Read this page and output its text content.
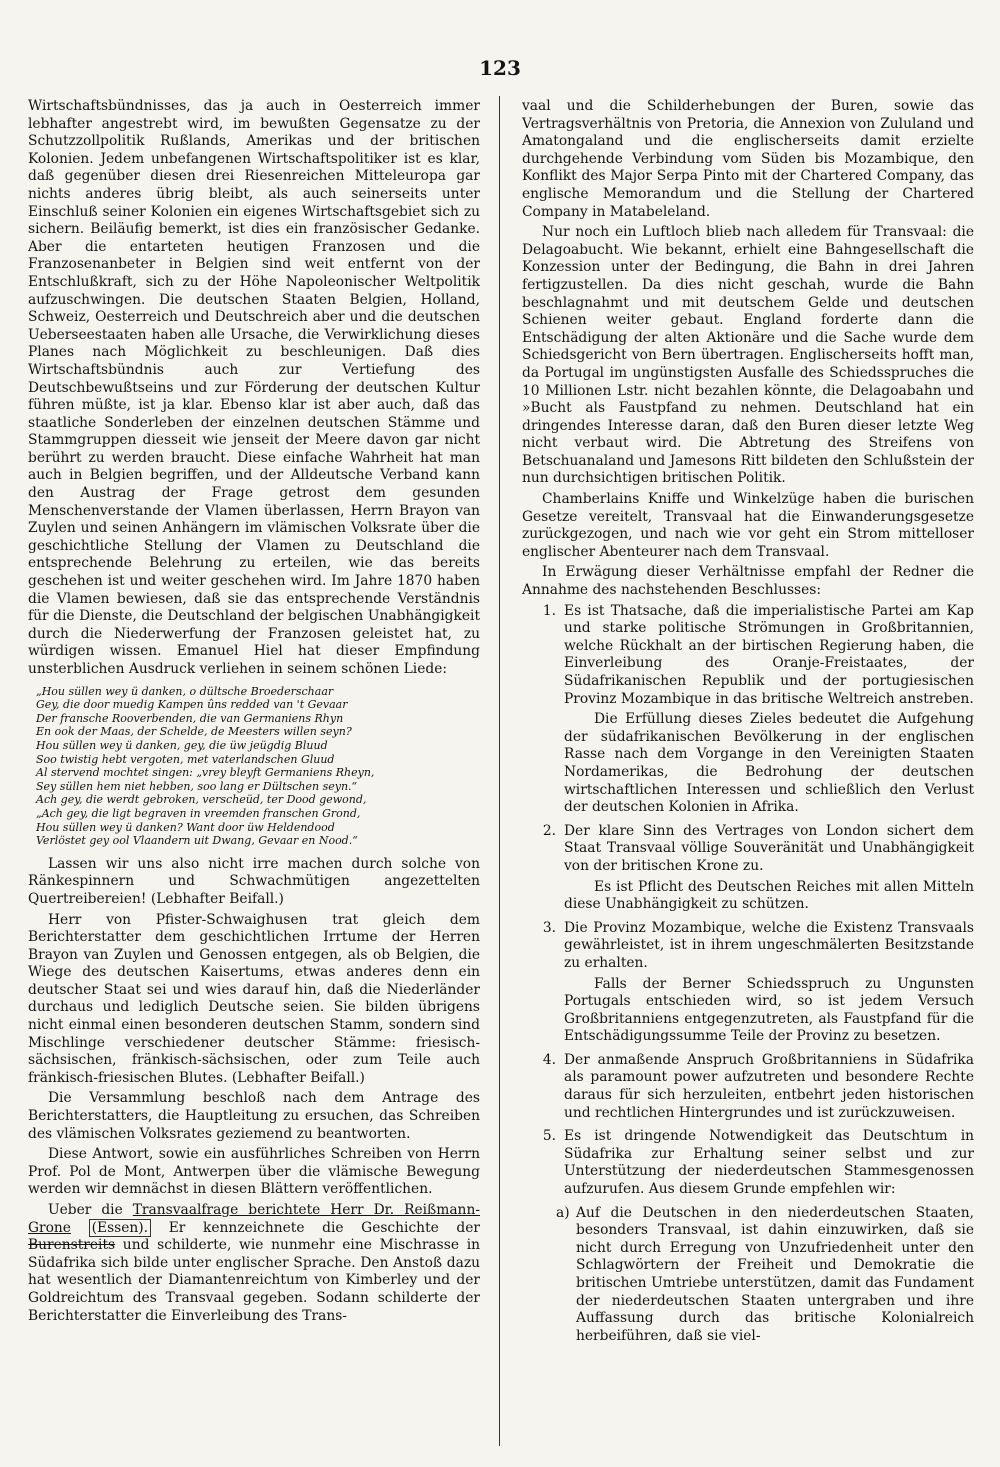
123

Wirtschaftsbündnisses, das ja auch in Oesterreich immer lebhafter angestrebt wird, im bewußten Gegensatze zu der Schutzzollpolitik Rußlands, Amerikas und der britischen Kolonien. Jedem unbefangenen Wirtschaftspolitiker ist es klar, daß gegenüber diesen drei Riesenreichen Mitteleuropa gar nichts anderes übrig bleibt, als auch seinerseits unter Einschluß seiner Kolonien ein eigenes Wirtschaftsgebiet sich zu sichern. Beiläufig bemerkt, ist dies ein französischer Gedanke. Aber die entarteten heutigen Franzosen und die Franzosenanbeter in Belgien sind weit entfernt von der Entschlußkraft, sich zu der Höhe Napoleonischer Weltpolitik aufzuschwingen. Die deutschen Staaten Belgien, Holland, Schweiz, Oesterreich und Deutschreich aber und die deutschen Ueberseestaaten haben alle Ursache, die Verwirklichung dieses Planes nach Möglichkeit zu beschleunigen. Daß dies Wirtschaftsbündnis auch zur Vertiefung des Deutschbewußtseins und zur Förderung der deutschen Kultur führen müßte, ist ja klar. Ebenso klar ist aber auch, daß das staatliche Sonderleben der einzelnen deutschen Stämme und Stammgruppen diesseit wie jenseit der Meere davon gar nicht berührt zu werden braucht. Diese einfache Wahrheit hat man auch in Belgien begriffen, und der Alldeutsche Verband kann den Austrag der Frage getrost dem gesunden Menschenverstande der Vlamen überlassen, Herrn Brayon van Zuylen und seinen Anhängern im vlämischen Volksrate über die geschichtliche Stellung der Vlamen zu Deutschland die entsprechende Belehrung zu erteilen, wie das bereits geschehen ist und weiter geschehen wird. Im Jahre 1870 haben die Vlamen bewiesen, daß sie das entsprechende Verständnis für die Dienste, die Deutschland der belgischen Unabhängigkeit durch die Niederwerfung der Franzosen geleistet hat, zu würdigen wissen. Emanuel Hiel hat dieser Empfindung unsterblichen Ausdruck verliehen in seinem schönen Liede:

„Hou süllen wey ü danken, o dültsche Broederschaar
Gey, die door muedig Kampen ûns redded van 't Gevaar
Der fransche Rooverbenden, die van Germaniens Rhyn
En ook der Maas, der Schelde, de Meesters willen seyn?
Hou süllen wey ü danken, gey, die üw jeügdig Bluud
Soo twistig hebt vergoten, met vaterlandschen Gluud
Al stervend mochtet singen: „vrey bleyft Germaniens Rheyn,
Sey süllen hem niet hebben, soo lang er Dültschen seyn.“
Ach gey, die werdt gebroken, verscheüd, ter Dood gewond,
„Ach gey, die ligt begraven in vreemden franschen Grond,
Hou süllen wey ü danken? Want door üw Heldendood
Verlöstet gey ool Vlaandern uit Dwang, Gevaar en Nood.“

Lassen wir uns also nicht irre machen durch solche von Ränkespinnern und Schwachmütigen angezettelten Quertreibereien! (Lebhafter Beifall.)

Herr von Pfister-Schwaighusen trat gleich dem Berichterstatter dem geschichtlichen Irrtume der Herren Brayon van Zuylen und Genossen entgegen, als ob Belgien, die Wiege des deutschen Kaisertums, etwas anderes denn ein deutscher Staat sei und wies darauf hin, daß die Niederländer durchaus und lediglich Deutsche seien. Sie bilden übrigens nicht einmal einen besonderen deutschen Stamm, sondern sind Mischlinge verschiedener deutscher Stämme: friesisch-sächsischen, fränkisch-sächsischen, oder zum Teile auch fränkisch-friesischen Blutes. (Lebhafter Beifall.)

Die Versammlung beschloß nach dem Antrage des Berichterstatters, die Hauptleitung zu ersuchen, das Schreiben des vlämischen Volksrates geziemend zu beantworten.

Diese Antwort, sowie ein ausführliches Schreiben von Herrn Prof. Pol de Mont, Antwerpen über die vlämische Bewegung werden wir demnächst in diesen Blättern veröffentlichen.

Ueber die Transvaalfrage berichtete Herr Dr. Reißmann-Grone (Essen). Er kennzeichnete die Geschichte der Burenstreits und schilderte, wie nunmehr eine Mischrasse in Südafrika sich bilde unter englischer Sprache. Den Anstoß dazu hat wesentlich der Diamantenreichtum von Kimberley und der Goldreichtum des Transvaal gegeben. Sodann schilderte der Berichterstatter die Einverleibung des Trans-

vaal und die Schilderhebungen der Buren, sowie das Vertragsverhältnis von Pretoria, die Annexion von Zululand und Amatongaland und die englischerseits damit erzielte durchgehende Verbindung vom Süden bis Mozambique, den Konflikt des Major Serpa Pinto mit der Chartered Company, das englische Memorandum und die Stellung der Chartered Company in Matabeleland.

Nur noch ein Luftloch blieb nach alledem für Transvaal: die Delagoabucht. Wie bekannt, erhielt eine Bahngesellschaft die Konzession unter der Bedingung, die Bahn in drei Jahren fertigzustellen. Da dies nicht geschah, wurde die Bahn beschlagnahmt und mit deutschem Gelde und deutschen Schienen weiter gebaut. England forderte dann die Entschädigung der alten Aktionäre und die Sache wurde dem Schiedsgericht von Bern übertragen. Englischerseits hofft man, da Portugal im ungünstigsten Ausfalle des Schiedsspruches die 10 Millionen Lstr. nicht bezahlen könnte, die Delagoabahn und »Bucht als Faustpfand zu nehmen. Deutschland hat ein dringendes Interesse daran, daß den Buren dieser letzte Weg nicht verbaut wird. Die Abtretung des Streifens von Betschuanaland und Jamesons Ritt bildeten den Schlußstein der nun durchsichtigen britischen Politik.

Chamberlains Kniffe und Winkelzüge haben die burischen Gesetze vereitelt, Transvaal hat die Einwanderungsgesetze zurückgezogen, und nach wie vor geht ein Strom mittelloser englischer Abenteurer nach dem Transvaal.

In Erwägung dieser Verhältnisse empfahl der Redner die Annahme des nachstehenden Beschlusses:

1. Es ist Thatsache, daß die imperialistische Partei am Kap und starke politische Strömungen in Großbritannien, welche Rückhalt an der birtischen Regierung haben, die Einverleibung des Oranje-Freistaates, der Südafrikanischen Republik und der portugiesischen Provinz Mozambique in das britische Weltreich anstreben.

Die Erfüllung dieses Zieles bedeutet die Aufgehung der südafrikanischen Bevölkerung in der englischen Rasse nach dem Vorgange in den Vereinigten Staaten Nordamerikas, die Bedrohung der deutschen wirtschaftlichen Interessen und schließlich den Verlust der deutschen Kolonien in Afrika.

2. Der klare Sinn des Vertrages von London sichert dem Staat Transvaal völlige Souveränität und Unabhängigkeit von der britischen Krone zu.

Es ist Pflicht des Deutschen Reiches mit allen Mitteln diese Unabhängigkeit zu schützen.

3. Die Provinz Mozambique, welche die Existenz Transvaals gewährleistet, ist in ihrem ungeschmälerten Besitzstande zu erhalten.

Falls der Berner Schiedsspruch zu Ungunsten Portugals entschieden wird, so ist jedem Versuch Großbritanniens entgegenzutreten, als Faustpfand für die Entschädigungssumme Teile der Provinz zu besetzen.

4. Der anmaßende Anspruch Großbritanniens in Südafrika als paramount power aufzutreten und besondere Rechte daraus für sich herzuleiten, entbehrt jeden historischen und rechtlichen Hintergrundes und ist zurückzuweisen.

5. Es ist dringende Notwendigkeit das Deutschtum in Südafrika zur Erhaltung seiner selbst und zur Unterstützung der niederdeutschen Stammesgenossen aufzurufen. Aus diesem Grunde empfehlen wir:

a) Auf die Deutschen in den niederdeutschen Staaten, besonders Transvaal, ist dahin einzuwirken, daß sie nicht durch Erregung von Unzufriedenheit unter den Schlagwörtern der Freiheit und Demokratie die britischen Umtriebe unterstützen, damit das Fundament der niederdeutschen Staaten untergraben und ihre Auffassung durch das britische Kolonialreich herbeiführen, daß sie viel-
